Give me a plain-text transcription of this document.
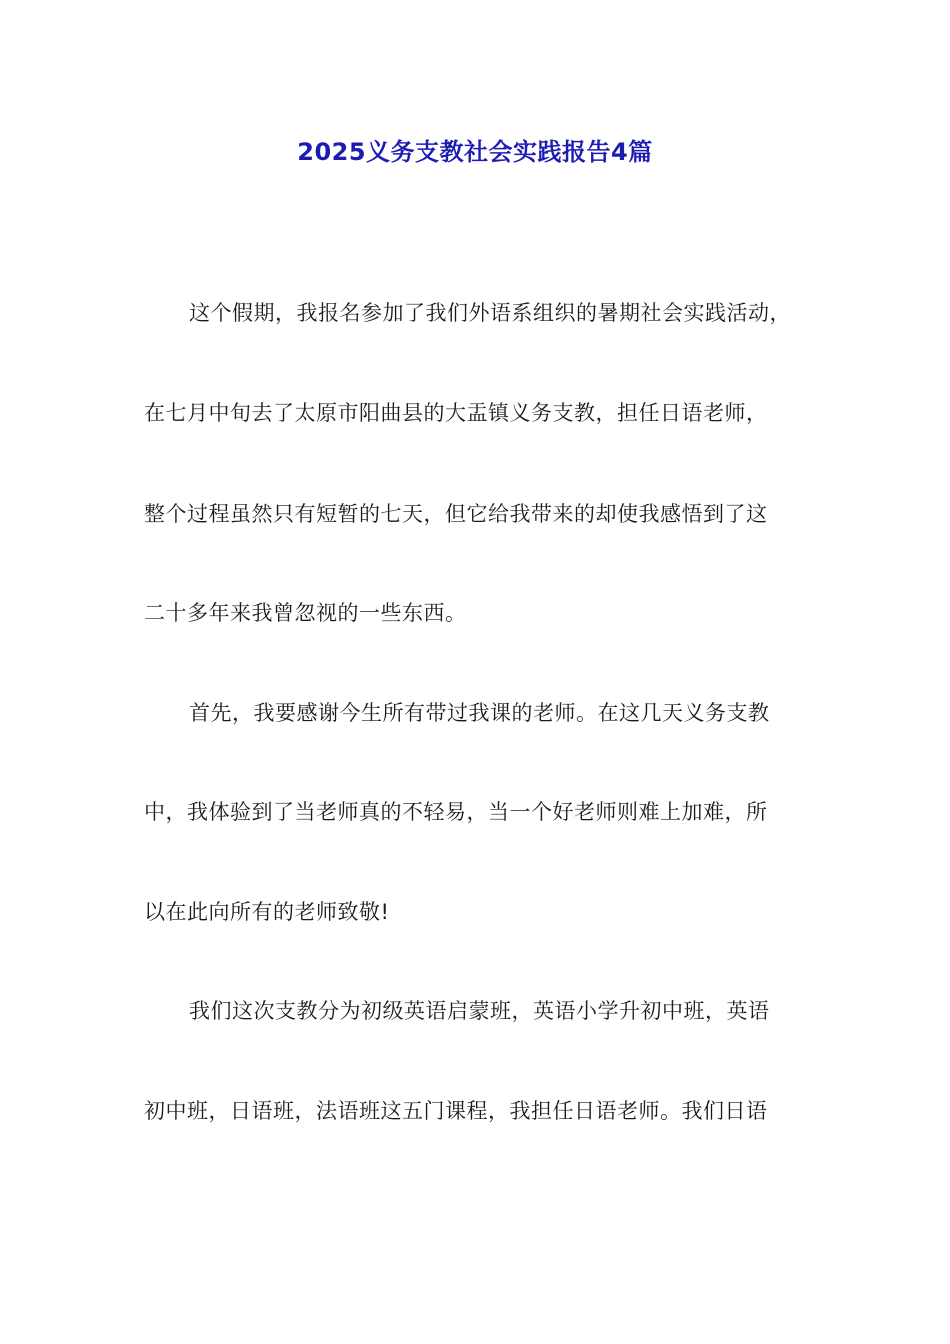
2025义务支教社会实践报告4篇
这个假期，我报名参加了我们外语系组织的暑期社会实践活动，
在七月中旬去了太原市阳曲县的大盂镇义务支教，担任日语老师，
整个过程虽然只有短暂的七天，但它给我带来的却使我感悟到了这
二十多年来我曾忽视的一些东西。
首先，我要感谢今生所有带过我课的老师。在这几天义务支教
中，我体验到了当老师真的不轻易，当一个好老师则难上加难，所
以在此向所有的老师致敬!
我们这次支教分为初级英语启蒙班，英语小学升初中班，英语
初中班，日语班，法语班这五门课程，我担任日语老师。我们日语
